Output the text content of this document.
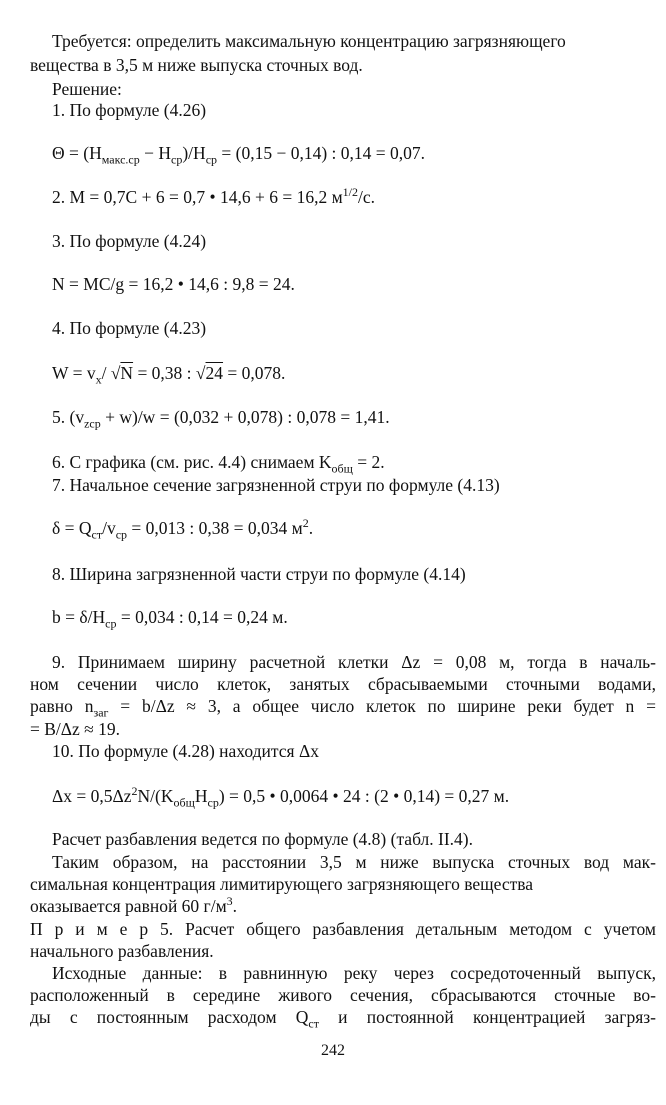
Требуется: определить максимальную концентрацию загрязняющего
вещества в 3,5 м ниже выпуска сточных вод.
Решение:
1. По формуле (4.26)
$\Theta = (H_{макс.ср} - H_{ср})/H_{ср} = (0,15 - 0,14)$ : 0,14 = 0,07.
2. M = 0,7C + 6 = 0,7 • 14,6 + 6 = 16,2 $м^{1/2}/с$.
3. По формуле (4.24)
N = MC/g = 16,2 • 14,6 : 9,8 = 24.
4. По формуле (4.23)
$W = v_x/$ √N = 0,38 : √24 = 0,078.
5. $(v_{zср} + w)/w = (0,032 + 0,078)$ : 0,078 = 1,41.
6. С графика (см. рис. 4.4) снимаем $K_{общ} = 2$.
7. Начальное сечение загрязненной струи по формуле (4.13)
$\delta = Q_{ст}/v_{ср} = 0,013$ : 0,38 = 0,034 $м^2$.
8. Ширина загрязненной части струи по формуле (4.14)
$b = \delta/H_{ср} = 0,034$ : 0,14 = 0,24 м.
9. Принимаем ширину расчетной клетки Δz = 0,08 м, тогда в началь-
ном сечении число клеток, занятых сбрасываемыми сточными водами,
равно $n_{заг} = b/\Delta z \approx 3$, а общее число клеток по ширине реки будет n =
= B/Δz ≈ 19.
10. По формуле (4.28) находится Δx
$\Delta x = 0,5\Delta z^2N/(K_{общ}H_{ср}) = 0,5$ • 0,0064 • 24 : (2 • 0,14) = 0,27 м.
Расчет разбавления ведется по формуле (4.8) (табл. II.4).
Таким образом, на расстоянии 3,5 м ниже выпуска сточных вод мак-
симальная концентрация лимитирующего загрязняющего вещества
оказывается равной 60 $г/м^3$.
П р и м е р 5. Расчет общего разбавления детальным методом с учетом
начального разбавления.
Исходные данные: в равнинную реку через сосредоточенный выпуск,
расположенный в середине живого сечения, сбрасываются сточные во-
ды с постоянным расходом $Q_{ст}$ и постоянной концентрацией загряз-
242
